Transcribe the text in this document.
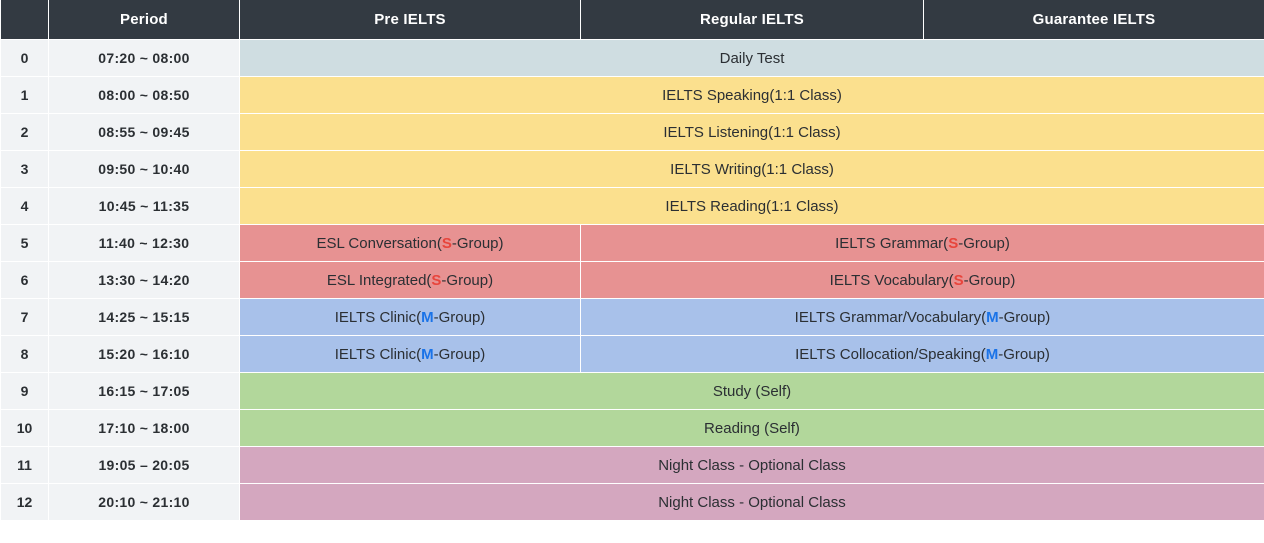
	Period	Pre IELTS	Regular IELTS	Guarantee IELTS
0	07:20 ~ 08:00	Daily Test		
1	08:00 ~ 08:50	IELTS Speaking(1:1 Class)		
2	08:55 ~ 09:45	IELTS Listening(1:1 Class)		
3	09:50 ~ 10:40	IELTS Writing(1:1 Class)		
4	10:45 ~ 11:35	IELTS Reading(1:1 Class)		
5	11:40 ~ 12:30	ESL Conversation(S-Group)	IELTS Grammar(S-Group)	
6	13:30 ~ 14:20	ESL Integrated(S-Group)	IELTS Vocabulary(S-Group)	
7	14:25 ~ 15:15	IELTS Clinic(M-Group)	IELTS Grammar/Vocabulary(M-Group)	
8	15:20 ~ 16:10	IELTS Clinic(M-Group)	IELTS Collocation/Speaking(M-Group)	
9	16:15 ~ 17:05	Study (Self)		
10	17:10 ~ 18:00	Reading (Self)		
11	19:05 – 20:05	Night Class - Optional Class		
12	20:10 ~ 21:10	Night Class - Optional Class		
